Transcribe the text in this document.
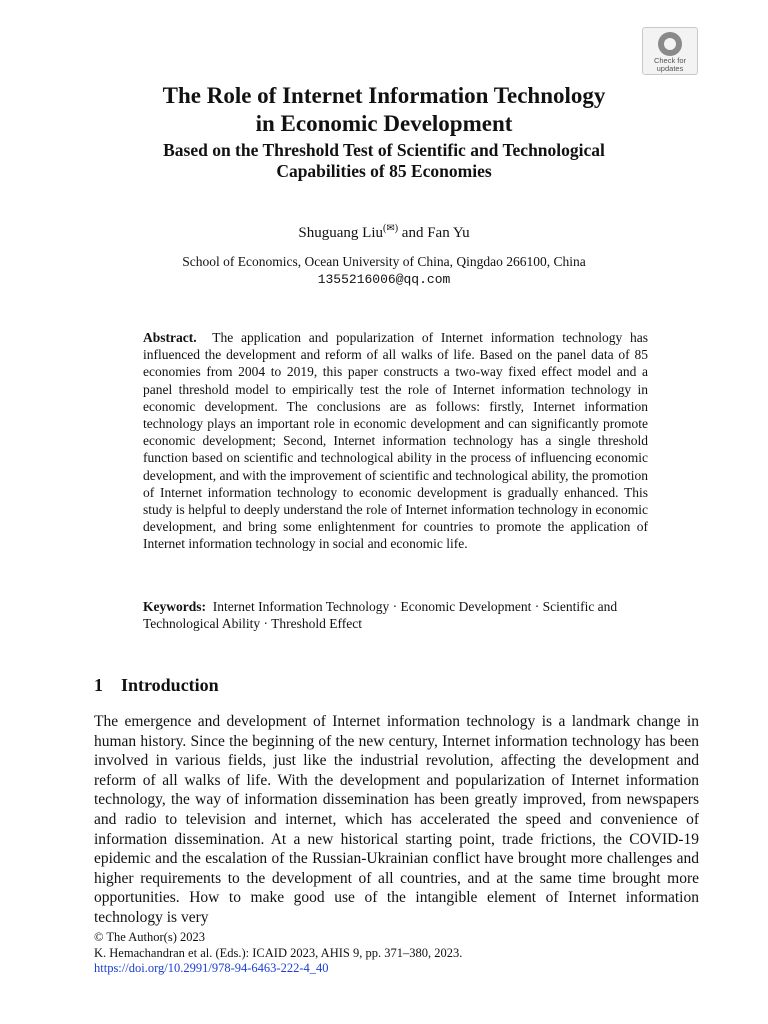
Check for
updates
The Role of Internet Information Technology
in Economic Development
Based on the Threshold Test of Scientific and Technological
Capabilities of 85 Economies
Shuguang Liu(✉) and Fan Yu
School of Economics, Ocean University of China, Qingdao 266100, China
1355216006@qq.com

Abstract. The application and popularization of Internet information technology has influenced the development and reform of all walks of life. Based on the panel data of 85 economies from 2004 to 2019, this paper constructs a two-way fixed effect model and a panel threshold model to empirically test the role of Internet information technology in economic development. The conclusions are as follows: firstly, Internet information technology plays an important role in economic development and can significantly promote economic development; Second, Internet information technology has a single threshold function based on scientific and technological ability in the process of influencing economic development, and with the improvement of scientific and technological ability, the promotion of Internet information technology to economic development is gradually enhanced. This study is helpful to deeply understand the role of Internet information technology in economic development, and bring some enlightenment for countries to promote the application of Internet information technology in social and economic life.

Keywords: Internet Information Technology · Economic Development · Scientific and Technological Ability · Threshold Effect

1 Introduction

The emergence and development of Internet information technology is a landmark change in human history. Since the beginning of the new century, Internet information technology has been involved in various fields, just like the industrial revolution, affecting the development and reform of all walks of life. With the development and popularization of Internet information technology, the way of information dissemination has been greatly improved, from newspapers and radio to television and internet, which has accelerated the speed and convenience of information dissemination. At a new historical starting point, trade frictions, the COVID-19 epidemic and the escalation of the Russian-Ukrainian conflict have brought more challenges and higher requirements to the development of all countries, and at the same time brought more opportunities. How to make good use of the intangible element of Internet information technology is very

© The Author(s) 2023
K. Hemachandran et al. (Eds.): ICAID 2023, AHIS 9, pp. 371–380, 2023.
https://doi.org/10.2991/978-94-6463-222-4_40
